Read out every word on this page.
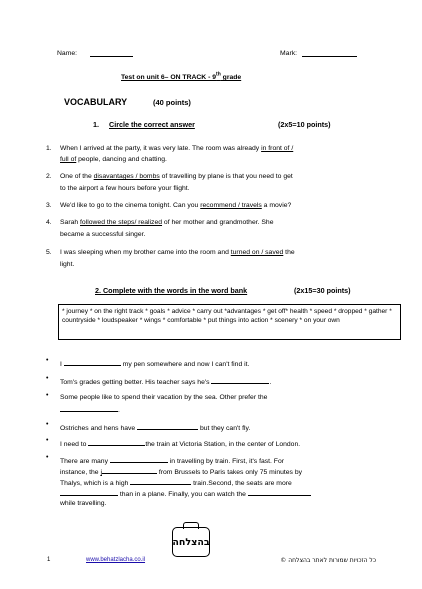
Name:	Mark:
Test on unit 6– ON TRACK - 9th grade
VOCABULARY	(40 points)
1. Circle the correct answer	(2x5=10 points)
1. When I arrived at the party, it was very late. The room was already in front of /
full of people, dancing and chatting.
2. One of the disavantages / bombs of travelling by plane is that you need to get
to the airport a few hours before your flight.
3. We'd like to go to the cinema tonight. Can you recommend / travels a movie?
4. Sarah followed the steps/ realized of her mother and grandmother. She
became a successful singer.
5. I was sleeping when my brother came into the room and turned on / saved the
light.
2. Complete with the words in the word bank	(2x15=30 points)
* journey * on the right track * goals * advice * carry out *advantages * get off* health * speed * dropped * gather * countryside * loudspeaker * wings * comfortable * put things into action * scenery * on your own
•
I	my pen somewhere and now I can't find it.
•
Tom's grades getting better. His teacher says he's	.
• Some people like to spend their vacation by the sea. Other prefer the
.
•
Ostriches and hens have	but they can't fly.
•
I need to	the train at Victoria Station, in the center of London.
•
There are many	in travelling by train. First, it's fast. For
instance, the j	from Brussels to Paris takes only 75 minutes by
Thalys, which is a high	train.Second, the seats are more
than in a plane. Finally, you can watch the
while travelling.
בהצלחה
1	www.behatzlacha.co.il	כל הזכויות שמורות לאתר בהצלחה ©
